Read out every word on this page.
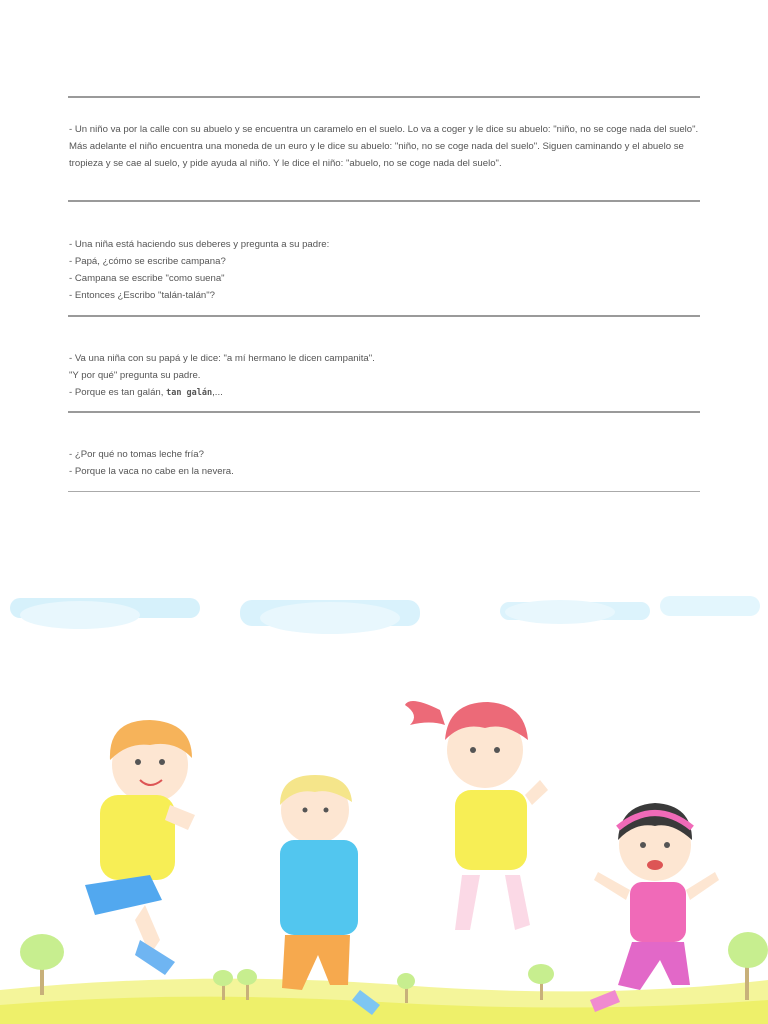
- Un niño va por la calle con su abuelo y se encuentra un caramelo en el suelo. Lo va a coger y le dice su abuelo: "niño, no se coge nada del suelo".

Más adelante el niño encuentra una moneda de un euro y le dice su abuelo: "niño, no se coge nada del suelo". Siguen caminando y el abuelo se tropieza y se cae al suelo, y pide ayuda al niño. Y le dice el niño: "abuelo, no se coge nada del suelo".

- Una niña está haciendo sus deberes y pregunta a su padre:

- Papá, ¿cómo se escribe campana?

- Campana se escribe "como suena"

- Entonces ¿Escribo "talán-talán"?

- Va una niña con su papá y le dice: "a mí hermano le dicen campanita".

"Y por qué" pregunta su padre.

- Porque es tan galán, tan galán,...

- ¿Por qué no tomas leche fría?

- Porque la vaca no cabe en la nevera.
